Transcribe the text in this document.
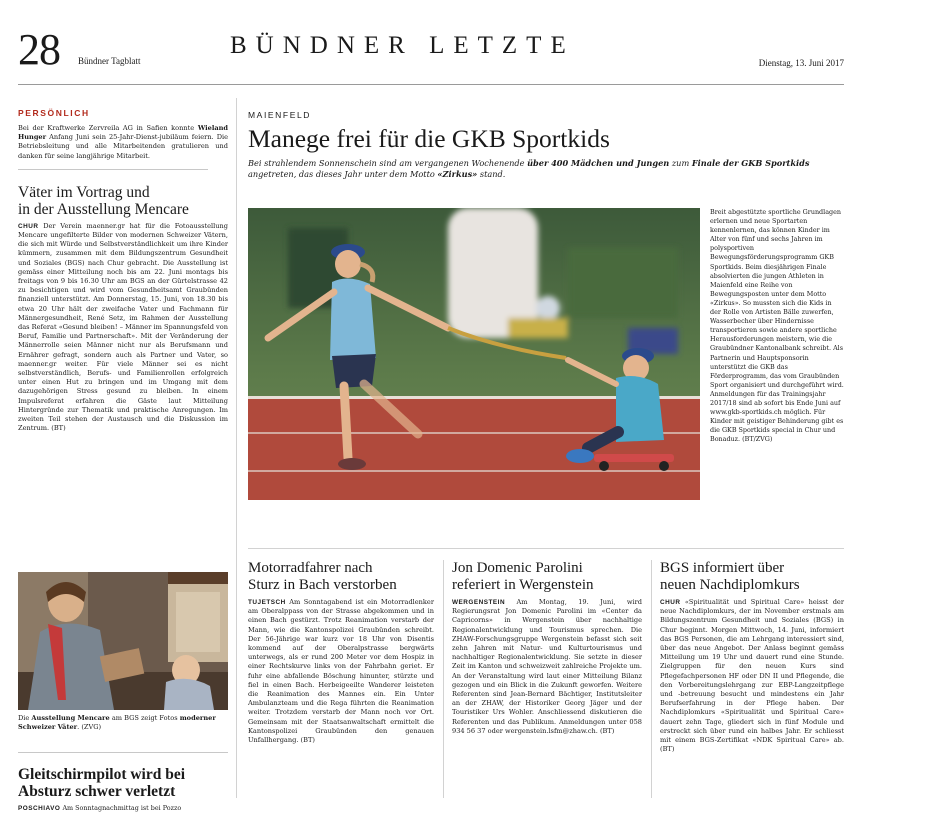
28 Bündner Tagblatt
BÜNDNER LETZTE
Dienstag, 13. Juni 2017
PERSÖNLICH

Bei der Kraftwerke Zervreila AG in Safien konnte Wieland Hunger Anfang Juni sein 25-Jahr-Dienst-jubiläum feiern. Die Betriebsleitung und alle Mitarbeitenden gratulieren und danken für seine langjährige Mitarbeit.

Väter im Vortrag und
in der Ausstellung Mencare

CHUR Der Verein maenner.gr hat für die Fotoausstellung Mencare ungefilterte Bilder von modernen Schweizer Vätern, die sich mit Würde und Selbstverständlichkeit um ihre Kinder kümmern, zusammen mit dem Bildungszentrum Gesundheit und Soziales (BGS) nach Chur gebracht. Die Ausstellung ist gemäss einer Mitteilung noch bis am 22. Juni montags bis freitags von 9 bis 16.30 Uhr am BGS an der Gürtelstrasse 42 zu besichtigen und wird vom Gesundheitsamt Graubünden finanziell unterstützt. Am Donnerstag, 15. Juni, von 18.30 bis etwa 20 Uhr hält der zweifache Vater und Fachmann für Männergesundheit, René Setz, im Rahmen der Ausstellung das Referat «Gesund bleiben! – Männer im Spannungsfeld von Beruf, Familie und Partnerschaft». Mit der Veränderung der Männerrolle seien Männer nicht nur als Berufsmann und Ernährer gefragt, sondern auch als Partner und Vater, so maenner.gr weiter. Für viele Männer sei es nicht selbstverständlich, Berufs- und Familienrollen erfolgreich unter einen Hut zu bringen und im Umgang mit dem dazugehörigen Stress gesund zu bleiben. In einem Impulsreferat erfahren die Gäste laut Mitteilung Hintergründe zur Thematik und praktische Anregungen. Im zweiten Teil stehen der Austausch und die Diskussion im Zentrum. (BT)

Die Ausstellung Mencare am BGS zeigt Fotos moderner Schweizer Väter. (ZVG)
Gleitschirmpilot wird bei
Absturz schwer verletzt
MAIENFELD
Manege frei für die GKB Sportkids

Bei strahlendem Sonnenschein sind am vergangenen Wochenende über 400 Mädchen und Jungen zum Finale der GKB Sportkids angetreten, das dieses Jahr unter dem Motto «Zirkus» stand.

Breit abgestützte sportliche Grundlagen erlernen und neue Sportarten kennenlernen, das können Kinder im Alter von fünf und sechs Jahren im polysportiven Bewegungsförderungsprogramm GKB Sportkids. Beim diesjährigen Finale absolvierten die jungen Athleten in Maienfeld eine Reihe von Bewegungsposten unter dem Motto «Zirkus». So mussten sich die Kids in der Rolle von Artisten Bälle zuwerfen, Wasserbecher über Hindernisse transportieren sowie andere sportliche Herausforderungen meistern, wie die Graubündner Kantonalbank schreibt. Als Partnerin und Hauptsponsorin unterstützt die GKB das Förderprogramm, das vom Graubünden Sport organisiert und durchgeführt wird. Anmeldungen für das Trainingsjahr 2017/18 sind ab sofort bis Ende Juni auf www.gkb-sportkids.ch möglich. Für Kinder mit geistiger Behinderung gibt es die GKB Sportkids special in Chur und Bonaduz. (BT/ZVG)

Motorradfahrer nach
Sturz in Bach verstorben

TUJETSCH Am Sonntagabend ist ein Motorradlenker am Oberalppass von der Strasse abgekommen und in einen Bach gestürzt. Trotz Reanimation verstarb der Mann, wie die Kantonspolizei Graubünden schreibt. Der 56-Jährige war kurz vor 18 Uhr von Disentis kommend auf der Oberalpstrasse bergwärts unterwegs, als er rund 200 Meter vor dem Hospiz in einer Rechtskurve links von der Fahrbahn geriet. Er fuhr eine abfallende Böschung hinunter, stürzte und fiel in einen Bach. Herbeigeeilte Wanderer leisteten die Reanimation des Mannes ein. Ein Unter Ambulanzteam und die Rega führten die Reanimation weiter. Trotzdem verstarb der Mann noch vor Ort. Gemeinsam mit der Staatsanwaltschaft ermittelt die Kantonspolizei Graubünden den genauen Unfallhergang. (BT)

Jon Domenic Parolini
referiert in Wergenstein

WERGENSTEIN Am Montag, 19. Juni, wird Regierungsrat Jon Domenic Parolini im «Center da Capricorns» in Wergenstein über nachhaltige Regionalentwicklung und Tourismus sprechen. Die ZHAW-Forschungsgruppe Wergenstein befasst sich seit zehn Jahren mit Natur- und Kulturtourismus und nachhaltiger Regionalentwicklung. Sie setzte in dieser Zeit im Kanton und schweizweit zahlreiche Projekte um. An der Veranstaltung wird laut einer Mitteilung Bilanz gezogen und ein Blick in die Zukunft geworfen. Weitere Referenten sind Jean-Bernard Bächtiger, Institutsleiter an der ZHAW, der Historiker Georg Jäger und der Touristiker Urs Wohler. Anschliessend diskutieren die Referenten und das Publikum. Anmeldungen unter 058 934 56 37 oder wergenstein.lsfm@zhaw.ch. (BT)

BGS informiert über
neuen Nachdiplomkurs

CHUR «Spiritualität und Spiritual Care» heisst der neue Nachdiplomkurs, der im November erstmals am Bildungszentrum Gesundheit und Soziales (BGS) in Chur beginnt. Morgen Mittwoch, 14. Juni, informiert das BGS Personen, die am Lehrgang interessiert sind, über das neue Angebot. Der Anlass beginnt gemäss Mitteilung um 19 Uhr und dauert rund eine Stunde. Zielgruppen für den neuen Kurs sind Pflegefachpersonen HF oder DN II und Pflegende, die den Vorbereitungslehrgang zur EBP-Langzeitpflege und -betreuung besucht und mindestens ein Jahr Berufserfahrung in der Pflege haben. Der Nachdiplomkurs «Spiritualität und Spiritual Care» dauert zehn Tage, gliedert sich in fünf Module und erstreckt sich über rund ein halbes Jahr. Er schliesst mit einem BGS-Zertifikat «NDK Spiritual Care» ab. (BT)

POSCHIAVO Am Sonntagnachmittag ist bei Pozzo
